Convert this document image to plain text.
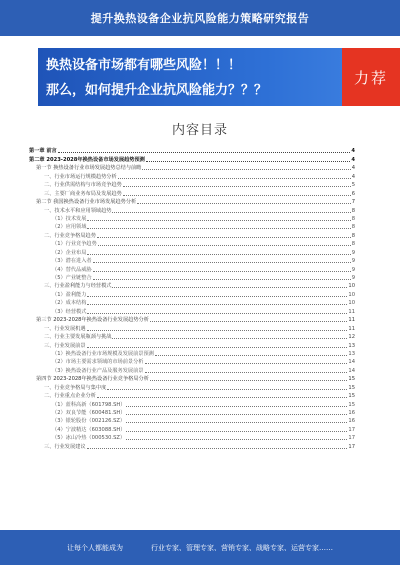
提升换热设备企业抗风险能力策略研究报告
换热设备市场都有哪些风险！！！
那么，如何提升企业抗风险能力？？？
力荐
内容目录
第一章 前言	4
第二章 2023-2028年换热设备市场发展趋势预测	4
第一节 换热设备行业市场发展趋势总结与前瞻	4
一、行业市场运行规模趋势分析	4
二、行业供需结构与市场竞争趋势	5
三、主要厂商业务布局及发展趋势	6
第二节 我国换热设备行业市场发展趋势分析	7
一、技术水平和应用领域趋势	8
（1）技术发展	8
（2）应用领域	8
二、行业竞争格局趋势	8
（1）行业竞争趋势	8
（2）企业布局	9
（3）潜在进入者	9
（4）替代品威胁	9
（5）产业链整合	9
三、行业盈利能力与经营模式	10
（1）盈利能力	10
（2）成本结构	10
（3）经营模式	11
第三节 2023-2028年换热设备行业发展趋势分析	11
一、行业发展机遇	11
二、行业主要发展瓶颈与挑战	12
三、行业发展前景	13
（1）换热设备行业市场规模及发展前景预测	13
（2）市场主要需求领域的市场前景分析	14
（3）换热设备行业产品及服务发展前景	14
第四节 2023-2028年换热设备行业竞争格局分析	15
一、行业竞争格局与集中度	15
二、行业重点企业分析	15
（1）蓝科高新（601798.SH）	15
（2）双良节能（600481.SH）	16
（3）银轮股份（002126.SZ）	16
（4）宁波精达（603088.SH）	17
（5）冰山冷热（000530.SZ）	17
三、行业发展建议	17
让每个人都能成为	行业专家、管理专家、营销专家、战略专家、运营专家……
